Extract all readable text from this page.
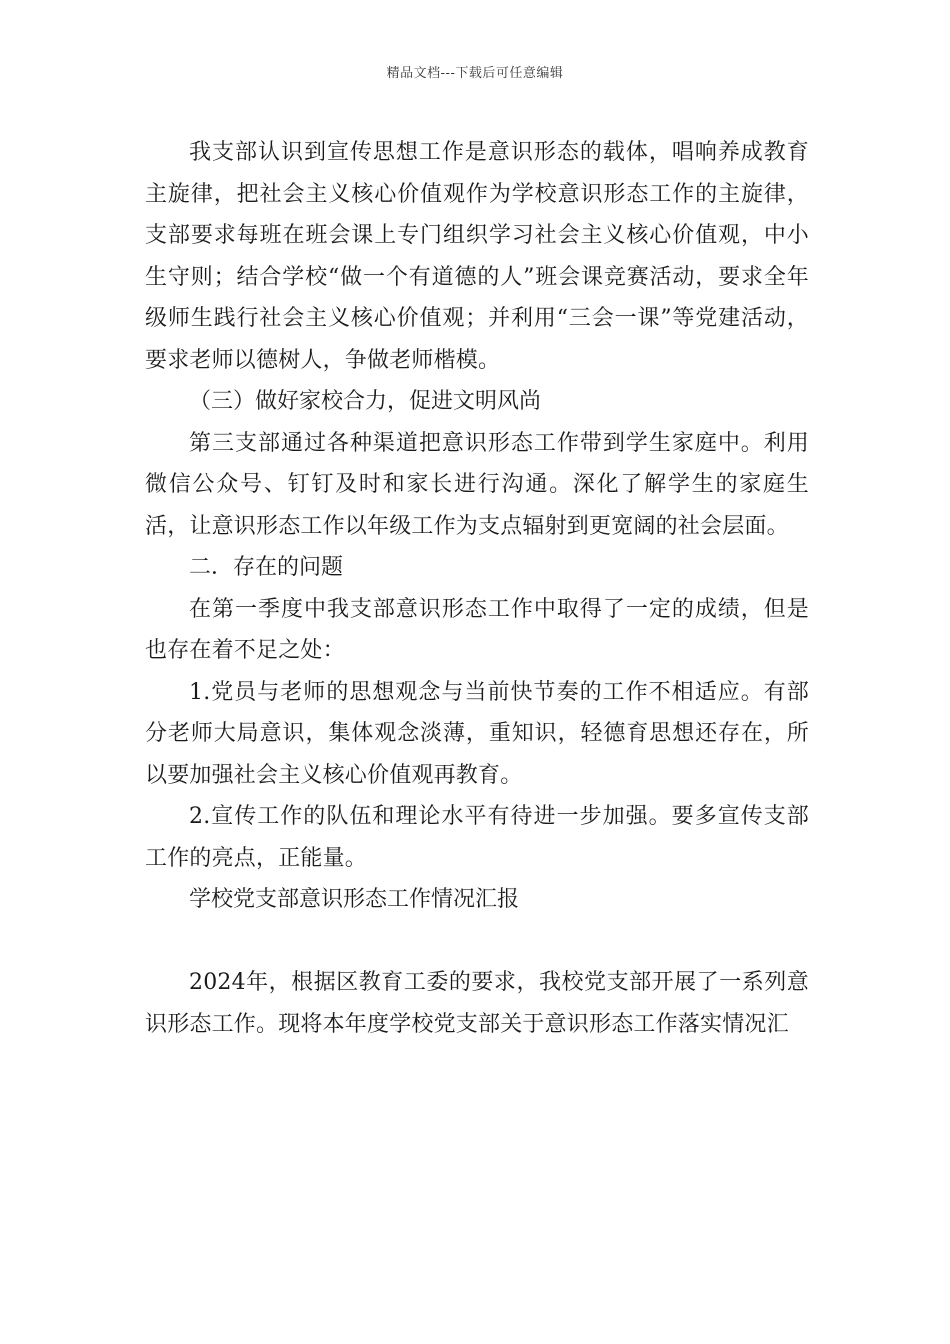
精品文档---下载后可任意编辑

我支部认识到宣传思想工作是意识形态的载体，唱响养成教育主旋律，把社会主义核心价值观作为学校意识形态工作的主旋律，支部要求每班在班会课上专门组织学习社会主义核心价值观，中小生守则；结合学校“做一个有道德的人”班会课竞赛活动，要求全年级师生践行社会主义核心价值观；并利用“三会一课”等党建活动，要求老师以德树人，争做老师楷模。

（三）做好家校合力，促进文明风尚

第三支部通过各种渠道把意识形态工作带到学生家庭中。利用微信公众号、钉钉及时和家长进行沟通。深化了解学生的家庭生活，让意识形态工作以年级工作为支点辐射到更宽阔的社会层面。

二．存在的问题

在第一季度中我支部意识形态工作中取得了一定的成绩，但是也存在着不足之处：

1.党员与老师的思想观念与当前快节奏的工作不相适应。有部分老师大局意识，集体观念淡薄，重知识，轻德育思想还存在，所以要加强社会主义核心价值观再教育。

2.宣传工作的队伍和理论水平有待进一步加强。要多宣传支部工作的亮点，正能量。

学校党支部意识形态工作情况汇报

2024年，根据区教育工委的要求，我校党支部开展了一系列意识形态工作。现将本年度学校党支部关于意识形态工作落实情况汇
